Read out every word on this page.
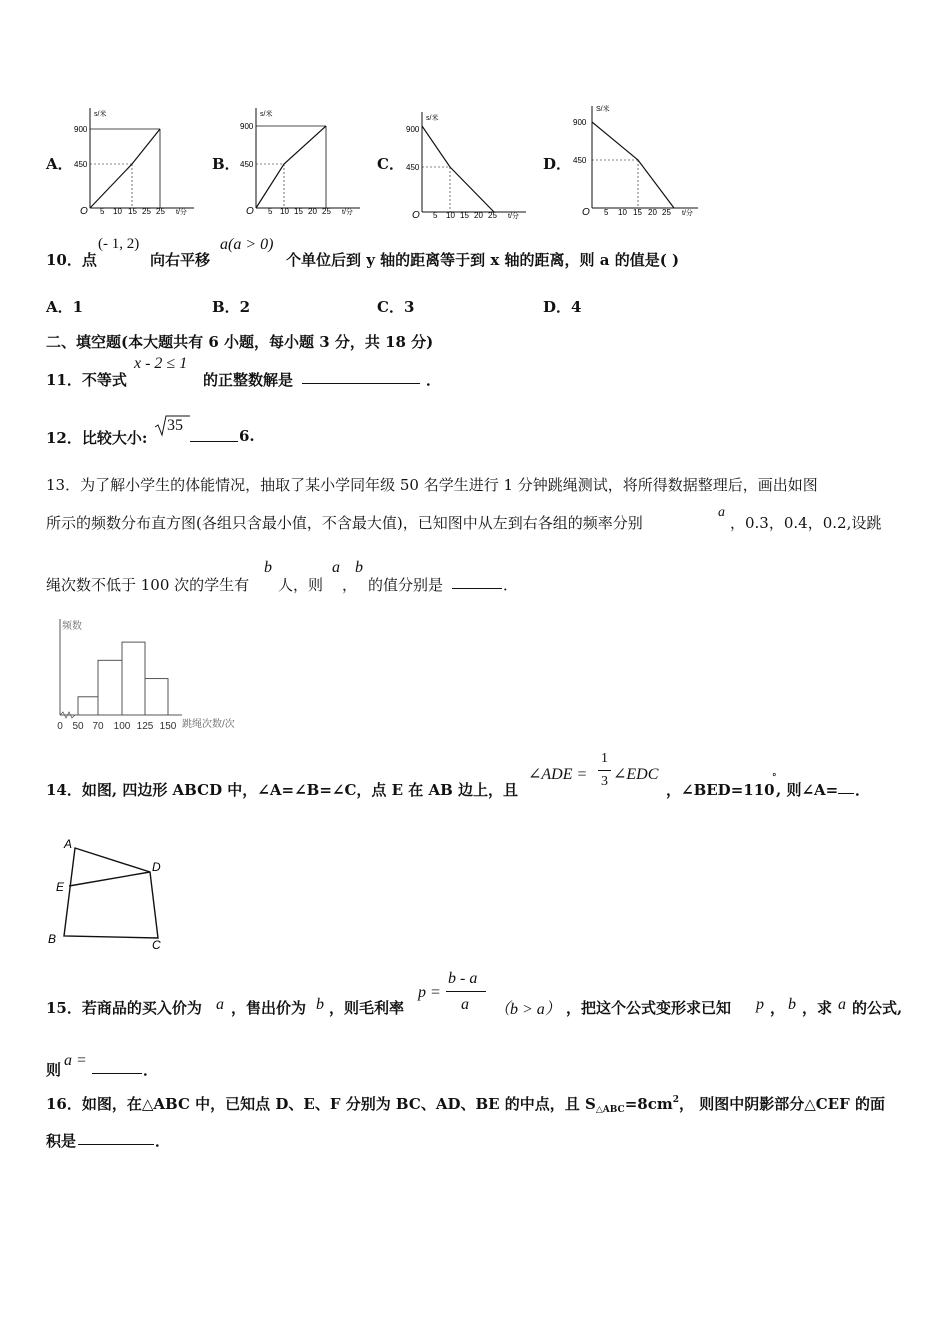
A．
s/米
900
450
O 5 10 15 25 25 t/分
B．
s/米
900
450
O 5 10 15 20 25 t/分
C．
s/米
900
450
O 5 10 15 20 25 t/分
D．
S/米
900
450
O 5 10 15 20 25 t/分
10．点
(- 1, 2)
向右平移
a(a > 0)
个单位后到 y 轴的距离等于到 x 轴的距离，则 a 的值是( )
A．1	B．2	C．3	D．4
二、填空题(本大题共有 6 小题，每小题 3 分，共 18 分)
11．不等式
x - 2 ≤ 1
的正整数解是	．
12．比较大小:
35
6.
13．为了解小学生的体能情况，抽取了某小学同年级 50 名学生进行 1 分钟跳绳测试，将所得数据整理后，画出如图
所示的频数分布直方图(各组只含最小值，不含最大值)，已知图中从左到右各组的频率分别
a
，0.3，0.4，0.2,设跳
绳次数不低于 100 次的学生有
b
人，则
a
，
b
的值分别是	．
频数
跳绳次数/次
0 50 70 100 125 150
14．如图, 四边形 ABCD 中，∠A=∠B=∠C，点 E 在 AB 边上，且
∠ADE =
1
3 ∠EDC
，∠BED=110
°
, 则∠A= ．
A
D
E
B	C
15．若商品的买入价为 a ，售出价为 b ，则毛利率
p =
b - a
a （b > a） ，把这个公式变形求已知 p ， b ，求 a 的公式,
则
a =
．
16．如图，在△ABC 中，已知点 D、E、F 分别为 BC、AD、BE 的中点，且 $S_{\triangle ABC}=8cm^2$， 则图中阴影部分△CEF 的面
积是	．
